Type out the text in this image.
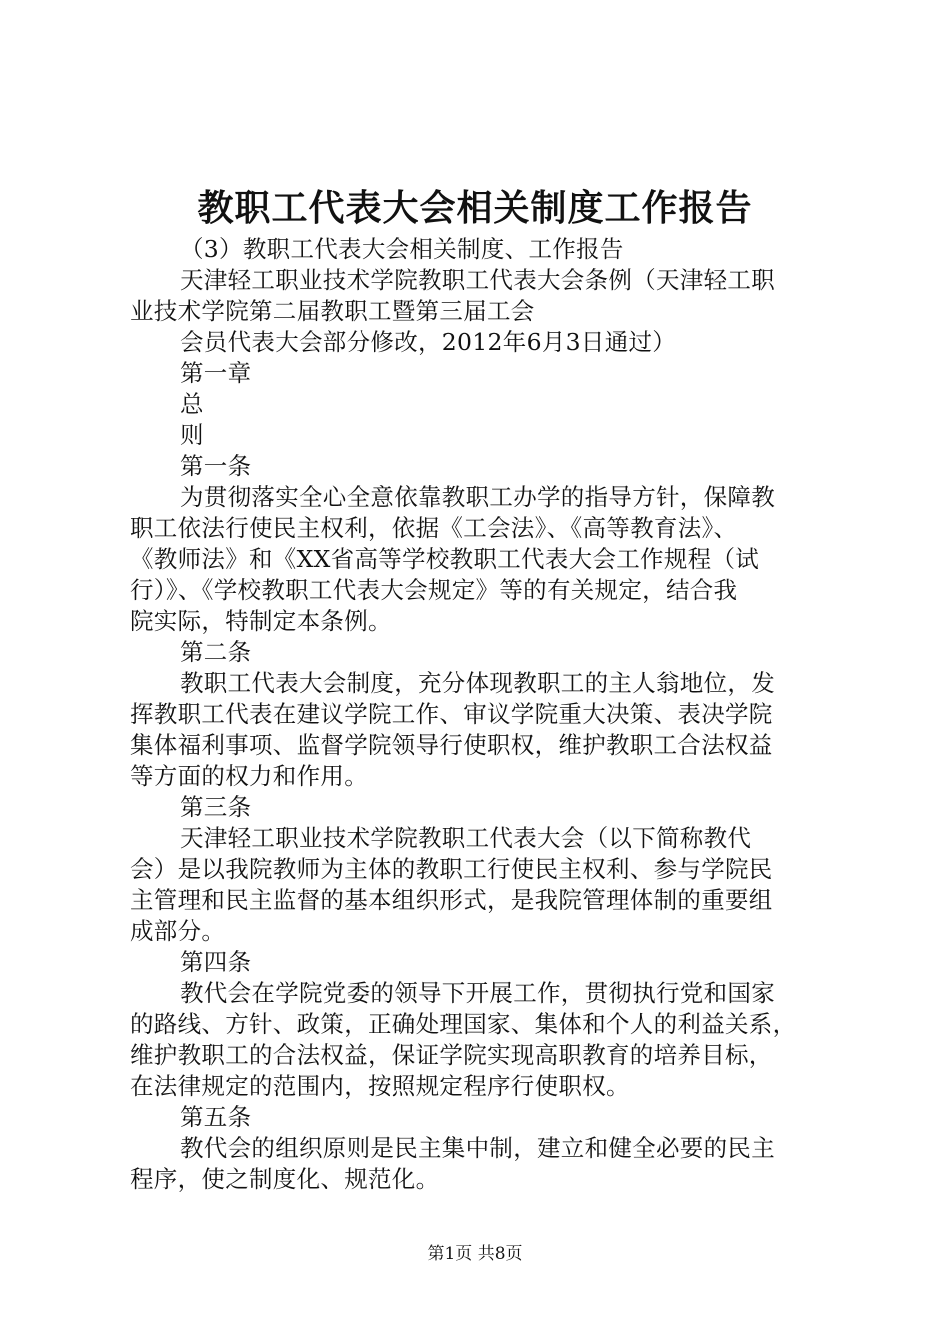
教职工代表大会相关制度工作报告
（3）教职工代表大会相关制度、工作报告
天津轻工职业技术学院教职工代表大会条例（天津轻工职
业技术学院第二届教职工暨第三届工会
会员代表大会部分修改，2012年6月3日通过）
第一章
总
则
第一条
为贯彻落实全心全意依靠教职工办学的指导方针，保障教
职工依法行使民主权利，依据《工会法》、《高等教育法》、
《教师法》和《XX省高等学校教职工代表大会工作规程（试
行）》、《学校教职工代表大会规定》等的有关规定，结合我
院实际，特制定本条例。
第二条
教职工代表大会制度，充分体现教职工的主人翁地位，发
挥教职工代表在建议学院工作、审议学院重大决策、表决学院
集体福利事项、监督学院领导行使职权，维护教职工合法权益
等方面的权力和作用。
第三条
天津轻工职业技术学院教职工代表大会（以下简称教代
会）是以我院教师为主体的教职工行使民主权利、参与学院民
主管理和民主监督的基本组织形式，是我院管理体制的重要组
成部分。
第四条
教代会在学院党委的领导下开展工作，贯彻执行党和国家
的路线、方针、政策，正确处理国家、集体和个人的利益关系，
维护教职工的合法权益，保证学院实现高职教育的培养目标，
在法律规定的范围内，按照规定程序行使职权。
第五条
教代会的组织原则是民主集中制，建立和健全必要的民主
程序，使之制度化、规范化。
第1页 共8页
